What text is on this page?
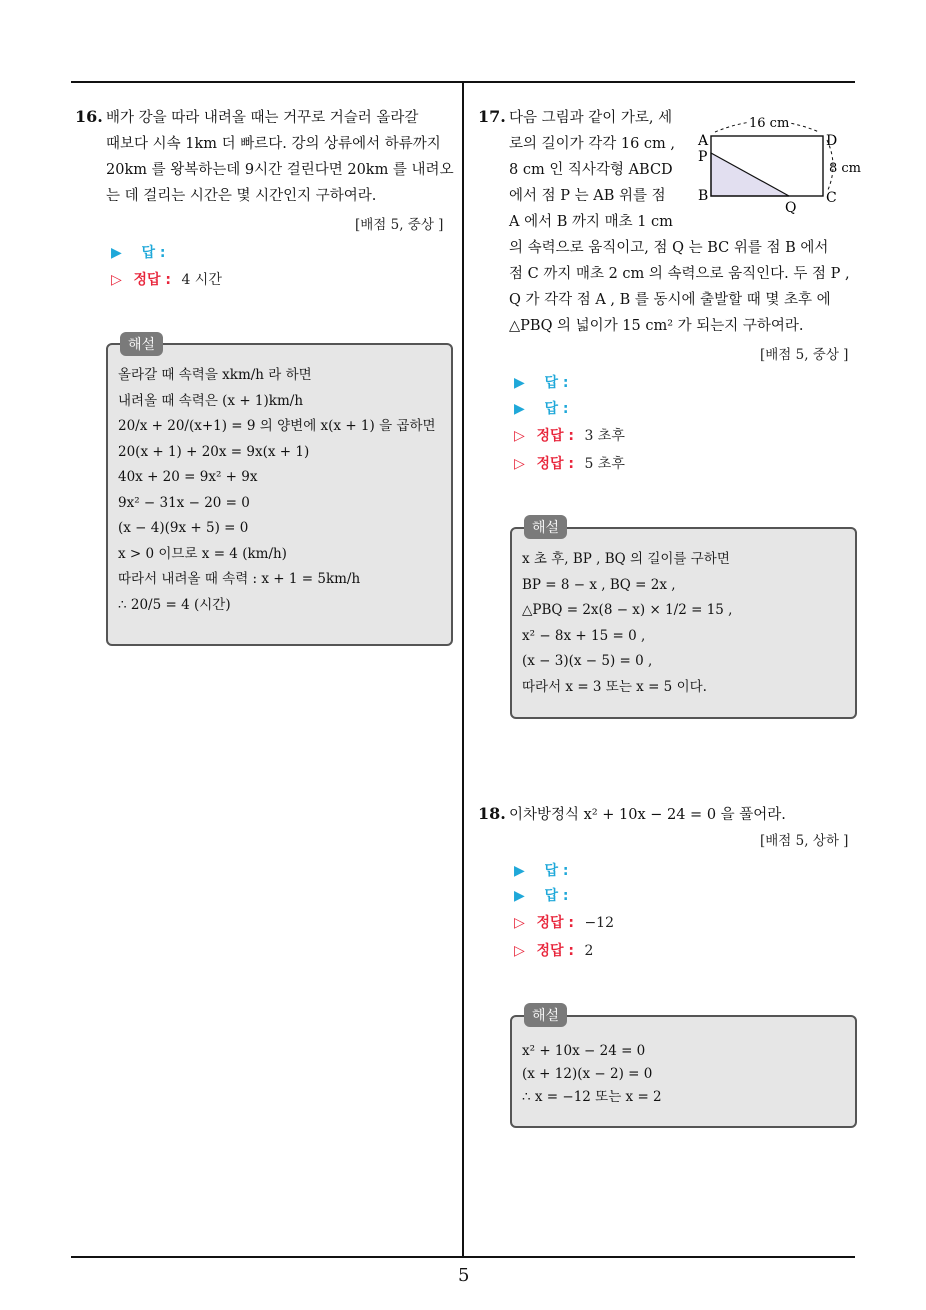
16. 배가 강을 따라 내려올 때는 거꾸로 거슬러 올라갈
때보다 시속 1km 더 빠르다. 강의 상류에서 하류까지
20km 를 왕복하는데 9시간 걸린다면 20km 를 내려오
는 데 걸리는 시간은 몇 시간인지 구하여라.
[배점 5, 중상 ]
▶ 답 :
▷ 정답 : 4 시간
해설
올라갈 때 속력을 xkm/h 라 하면
내려올 때 속력은 (x + 1)km/h
20/x + 20/(x+1) = 9 의 양변에 x(x + 1) 을 곱하면
20(x + 1) + 20x = 9x(x + 1)
40x + 20 = 9x² + 9x
9x² − 31x − 20 = 0
(x − 4)(9x + 5) = 0
x > 0 이므로 x = 4 (km/h)
따라서 내려올 때 속력 : x + 1 = 5km/h
∴ 20/5 = 4 (시간)
17. 다음 그림과 같이 가로, 세
로의 길이가 각각 16 cm ,
8 cm 인 직사각형 ABCD
에서 점 P 는 AB 위를 점
A 에서 B 까지 매초 1 cm
의 속력으로 움직이고, 점 Q 는 BC 위를 점 B 에서
점 C 까지 매초 2 cm 의 속력으로 움직인다. 두 점 P ,
Q 가 각각 점 A , B 를 동시에 출발할 때 몇 초후 에
△PBQ 의 넓이가 15 cm² 가 되는지 구하여라.
16 cm
8 cm
A
P
B
D
C
Q
[배점 5, 중상 ]
▶ 답 :
▶ 답 :
▷ 정답 : 3 초후
▷ 정답 : 5 초후
해설
x 초 후, BP , BQ 의 길이를 구하면
BP = 8 − x , BQ = 2x ,
△PBQ = 2x(8 − x) × 1/2 = 15 ,
x² − 8x + 15 = 0 ,
(x − 3)(x − 5) = 0 ,
따라서 x = 3 또는 x = 5 이다.
18. 이차방정식 x² + 10x − 24 = 0 을 풀어라.
[배점 5, 상하 ]
▶ 답 :
▶ 답 :
▷ 정답 : −12
▷ 정답 : 2
해설
x² + 10x − 24 = 0
(x + 12)(x − 2) = 0
∴ x = −12 또는 x = 2
5
